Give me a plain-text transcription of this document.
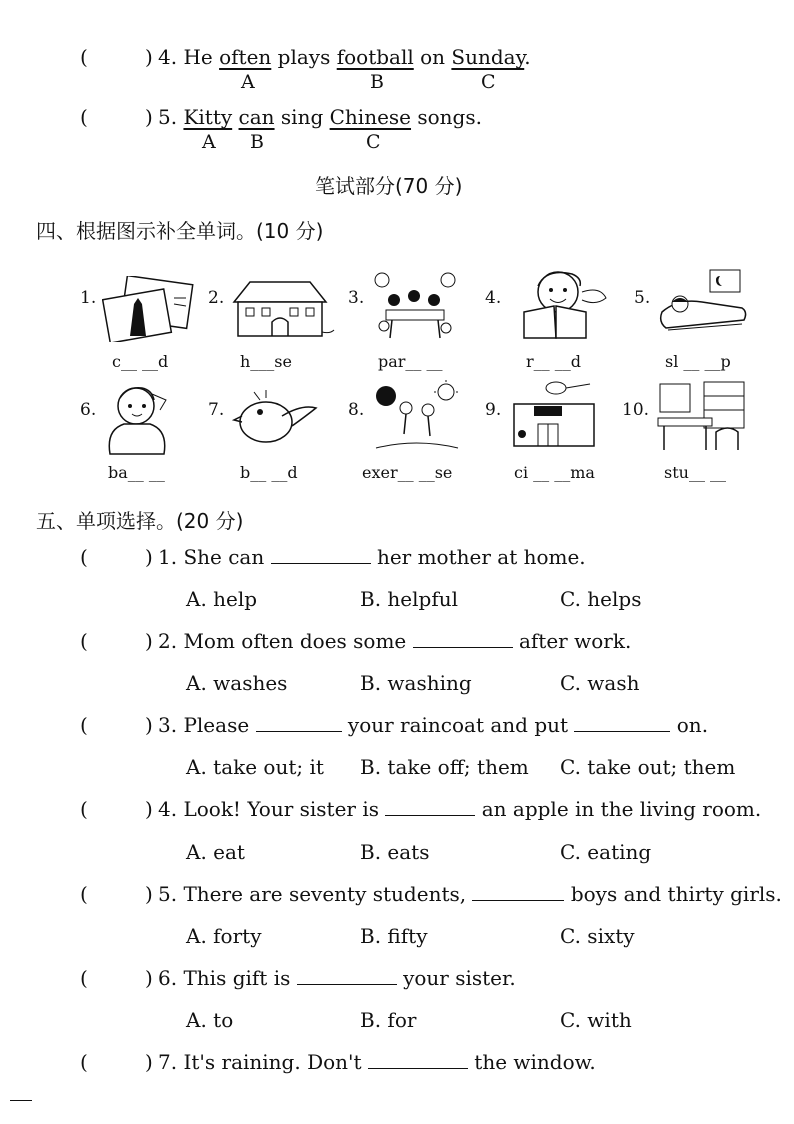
(	) 4. He often plays football on Sunday.
A	B	C
(	) 5. Kitty can sing Chinese songs.
A B	C
笔试部分(70 分)
四、根据图示补全单词。(10 分)
1.
c__ __d
2.
h___se
3.
par__ __
4.
r__ __d
5.
sl __ __p
6.
ba__ __
7.
b__ __d
8.
exer__ __se
9.
ci __ __ma
10.
stu__ __
五、单项选择。(20 分)
(	) 1. She can	her mother at home.
A. help	B. helpful	C. helps
(	) 2. Mom often does some	after work.
A. washes	B. washing	C. wash
(	) 3. Please	your raincoat and put	on.
A. take out; it B. take off; them C. take out; them
(	) 4. Look! Your sister is	an apple in the living room.
A. eat	B. eats	C. eating
(	) 5. There are seventy students,	boys and thirty girls.
A. forty	B. fifty	C. sixty
(	) 6. This gift is	your sister.
A. to	B. for	C. with
(	) 7. It's raining. Don't	the window.
